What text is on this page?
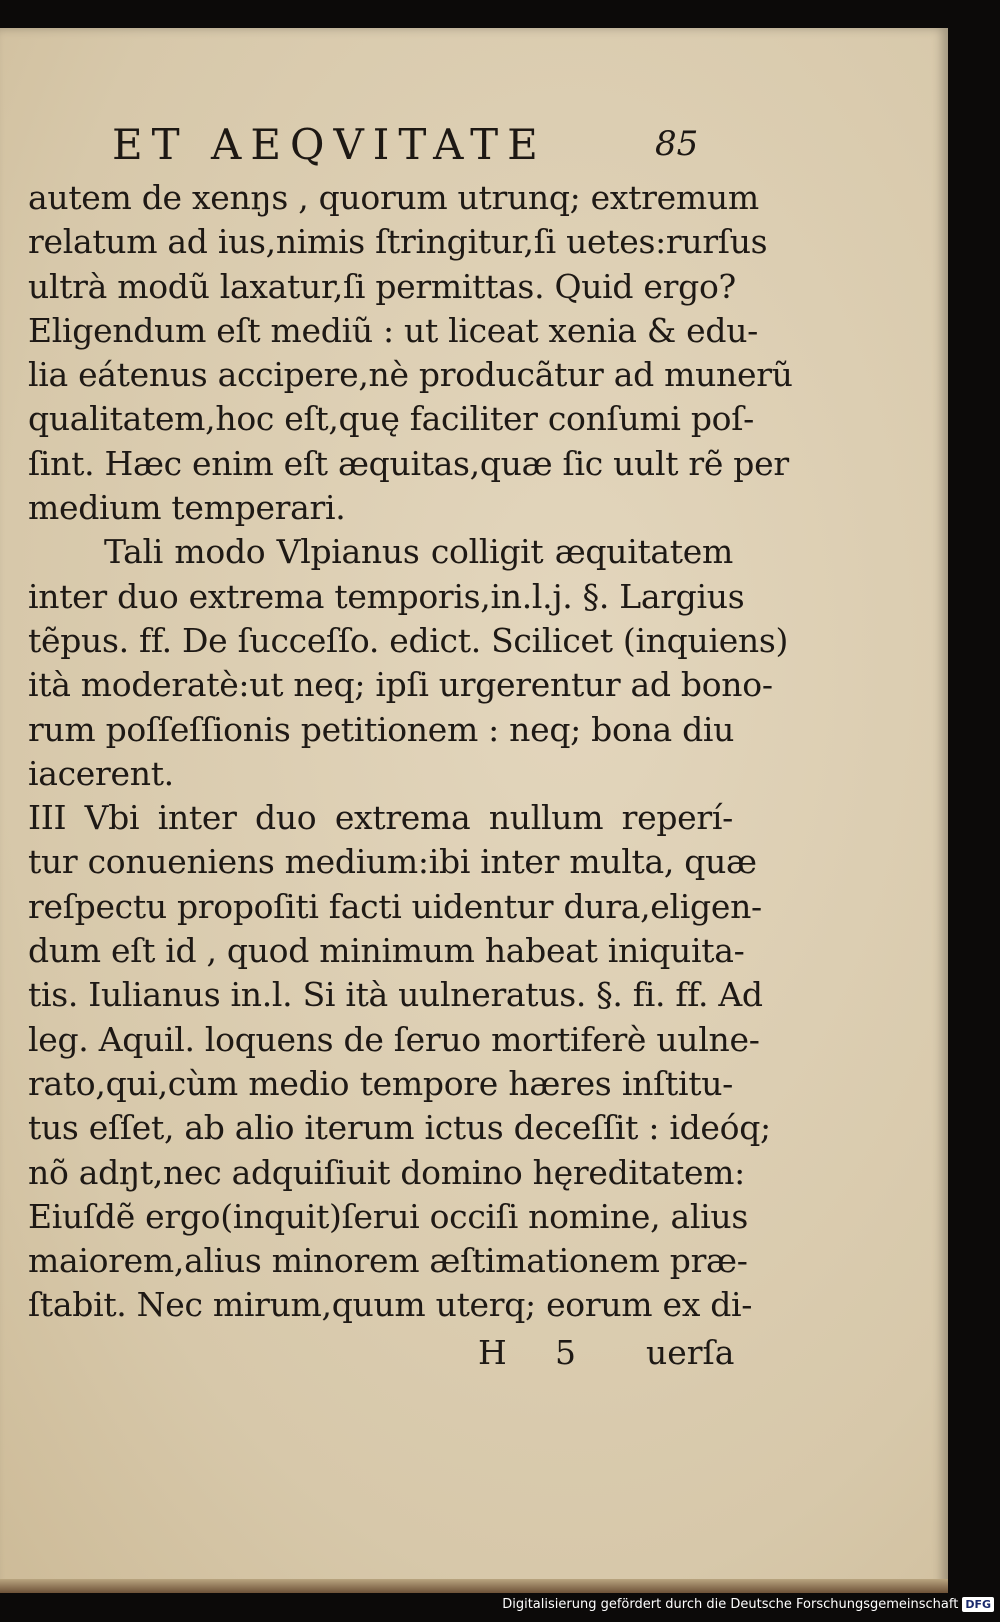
ET AEQVITATE	85
autem de xenŋs , quorum utrunq; extremum
relatum ad ius,nimis ſtringitur,ſi uetes:rurſus
ultrà modũ laxatur,ſi permittas. Quid ergo?
Eligendum eſt mediũ : ut liceat xenia & edu-
lia eátenus accipere,nè producãtur ad munerũ
qualitatem,hoc eſt,quę faciliter conſumi poſ-
ſint. Hæc enim eſt æquitas,quæ ſic uult rẽ per
medium temperari.
Tali modo Vlpianus colligit æquitatem
inter duo extrema temporis,in.l.j. §. Largius
tẽpus. ff. De ſucceſſo. edict. Scilicet (inquiens)
ità moderatè:ut neq; ipſi urgerentur ad bono-
rum poſſeſſionis petitionem : neq; bona diu
iacerent.
III Vbi inter duo extrema nullum reperí-
tur conueniens medium:ibi inter multa, quæ
reſpectu propoſiti facti uidentur dura,eligen-
dum eſt id , quod minimum habeat iniquita-
tis. Iulianus in.l. Si ità uulneratus. §. fi. ff. Ad
leg. Aquil. loquens de ſeruo mortiferè uulne-
rato,qui,cùm medio tempore hæres inſtitu-
tus eſſet, ab alio iterum ictus deceſſit : ideóq;
nõ adŋt,nec adquiſiuit domino hęreditatem:
Eiuſdẽ ergo(inquit)ſerui occiſi nomine, alius
maiorem,alius minorem æſtimationem præ-
ſtabit. Nec mirum,quum uterq; eorum ex di-
H 5 uerſa
Digitalisierung gefördert durch die Deutsche Forschungsgemeinschaft DFG
